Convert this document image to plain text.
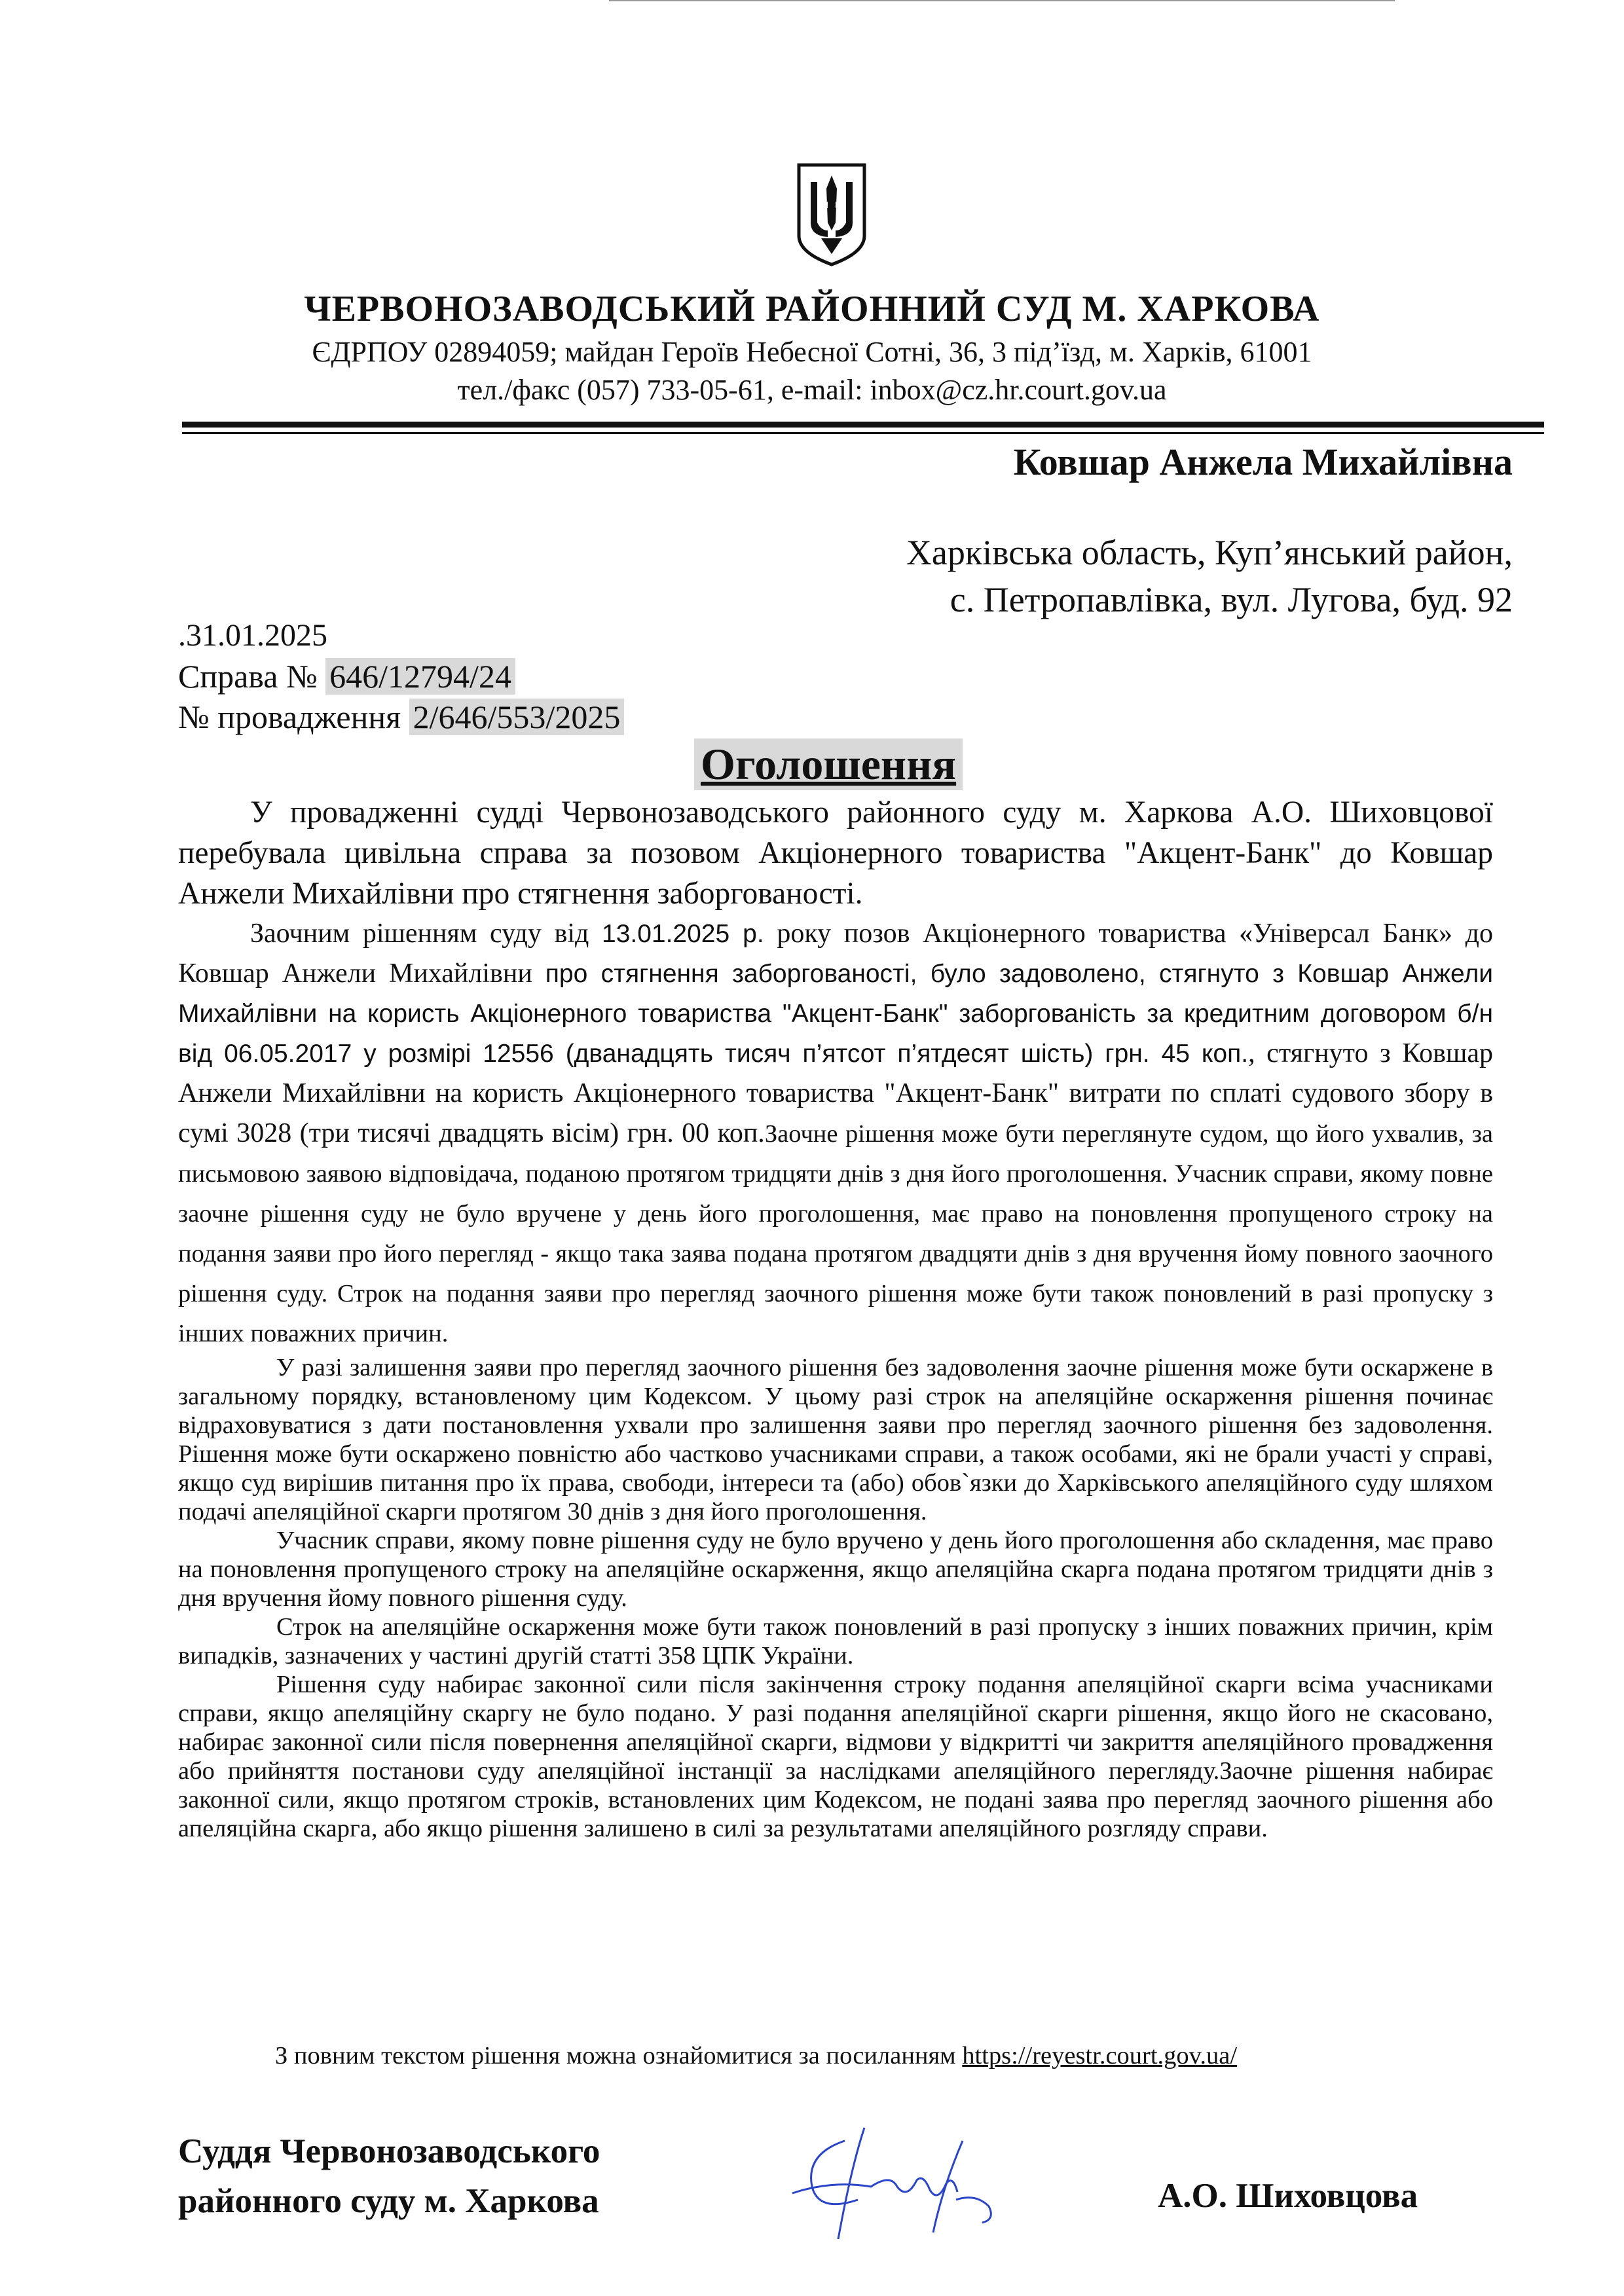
ЧЕРВОНОЗАВОДСЬКИЙ РАЙОННИЙ СУД М. ХАРКОВА
ЄДРПОУ 02894059; майдан Героїв Небесної Сотні, 36, 3 під’їзд, м. Харків, 61001
тел./факс (057) 733-05-61, e-mail: inbox@cz.hr.court.gov.ua
Ковшар Анжела Михайлівна
Харківська область, Куп’янський район,
с. Петропавлівка, вул. Лугова, буд. 92
.31.01.2025
Справа № 646/12794/24
№ провадження 2/646/553/2025
Оголошення

У провадженні судді Червонозаводського районного суду м. Харкова А.О. Шиховцової перебувала цивільна справа за позовом Акціонерного товариства "Акцент-Банк" до Ковшар Анжели Михайлівни про стягнення заборгованості.

Заочним рішенням суду від 13.01.2025 р. року позов Акціонерного товариства «Універсал Банк» до Ковшар Анжели Михайлівни про стягнення заборгованості, було задоволено, стягнуто з Ковшар Анжели Михайлівни на користь Акціонерного товариства "Акцент-Банк" заборгованість за кредитним договором б/н від 06.05.2017 у розмірі 12556 (дванадцять тисяч п’ятсот п’ятдесят шість) грн. 45 коп., стягнуто з Ковшар Анжели Михайлівни на користь Акціонерного товариства "Акцент-Банк" витрати по сплаті судового збору в сумі 3028 (три тисячі двадцять вісім) грн. 00 коп.Заочне рішення може бути переглянуте судом, що його ухвалив, за письмовою заявою відповідача, поданою протягом тридцяти днів з дня його проголошення. Учасник справи, якому повне заочне рішення суду не було вручене у день його проголошення, має право на поновлення пропущеного строку на подання заяви про його перегляд - якщо така заява подана протягом двадцяти днів з дня вручення йому повного заочного рішення суду. Строк на подання заяви про перегляд заочного рішення може бути також поновлений в разі пропуску з інших поважних причин.

У разі залишення заяви про перегляд заочного рішення без задоволення заочне рішення може бути оскаржене в загальному порядку, встановленому цим Кодексом. У цьому разі строк на апеляційне оскарження рішення починає відраховуватися з дати постановлення ухвали про залишення заяви про перегляд заочного рішення без задоволення. Рішення може бути оскаржено повністю або частково учасниками справи, а також особами, які не брали участі у справі, якщо суд вирішив питання про їх права, свободи, інтереси та (або) обов`язки до Харківського апеляційного суду шляхом подачі апеляційної скарги протягом 30 днів з дня його проголошення.

Учасник справи, якому повне рішення суду не було вручено у день його проголошення або складення, має право на поновлення пропущеного строку на апеляційне оскарження, якщо апеляційна скарга подана протягом тридцяти днів з дня вручення йому повного рішення суду.

Строк на апеляційне оскарження може бути також поновлений в разі пропуску з інших поважних причин, крім випадків, зазначених у частині другій статті 358 ЦПК України.

Рішення суду набирає законної сили після закінчення строку подання апеляційної скарги всіма учасниками справи, якщо апеляційну скаргу не було подано. У разі подання апеляційної скарги рішення, якщо його не скасовано, набирає законної сили після повернення апеляційної скарги, відмови у відкритті чи закриття апеляційного провадження або прийняття постанови суду апеляційної інстанції за наслідками апеляційного перегляду.Заочне рішення набирає законної сили, якщо протягом строків, встановлених цим Кодексом, не подані заява про перегляд заочного рішення або апеляційна скарга, або якщо рішення залишено в силі за результатами апеляційного розгляду справи.

З повним текстом рішення можна ознайомитися за посиланням https://reyestr.court.gov.ua/
Суддя Червонозаводського
районного суду м. Харкова	А.О. Шиховцова
